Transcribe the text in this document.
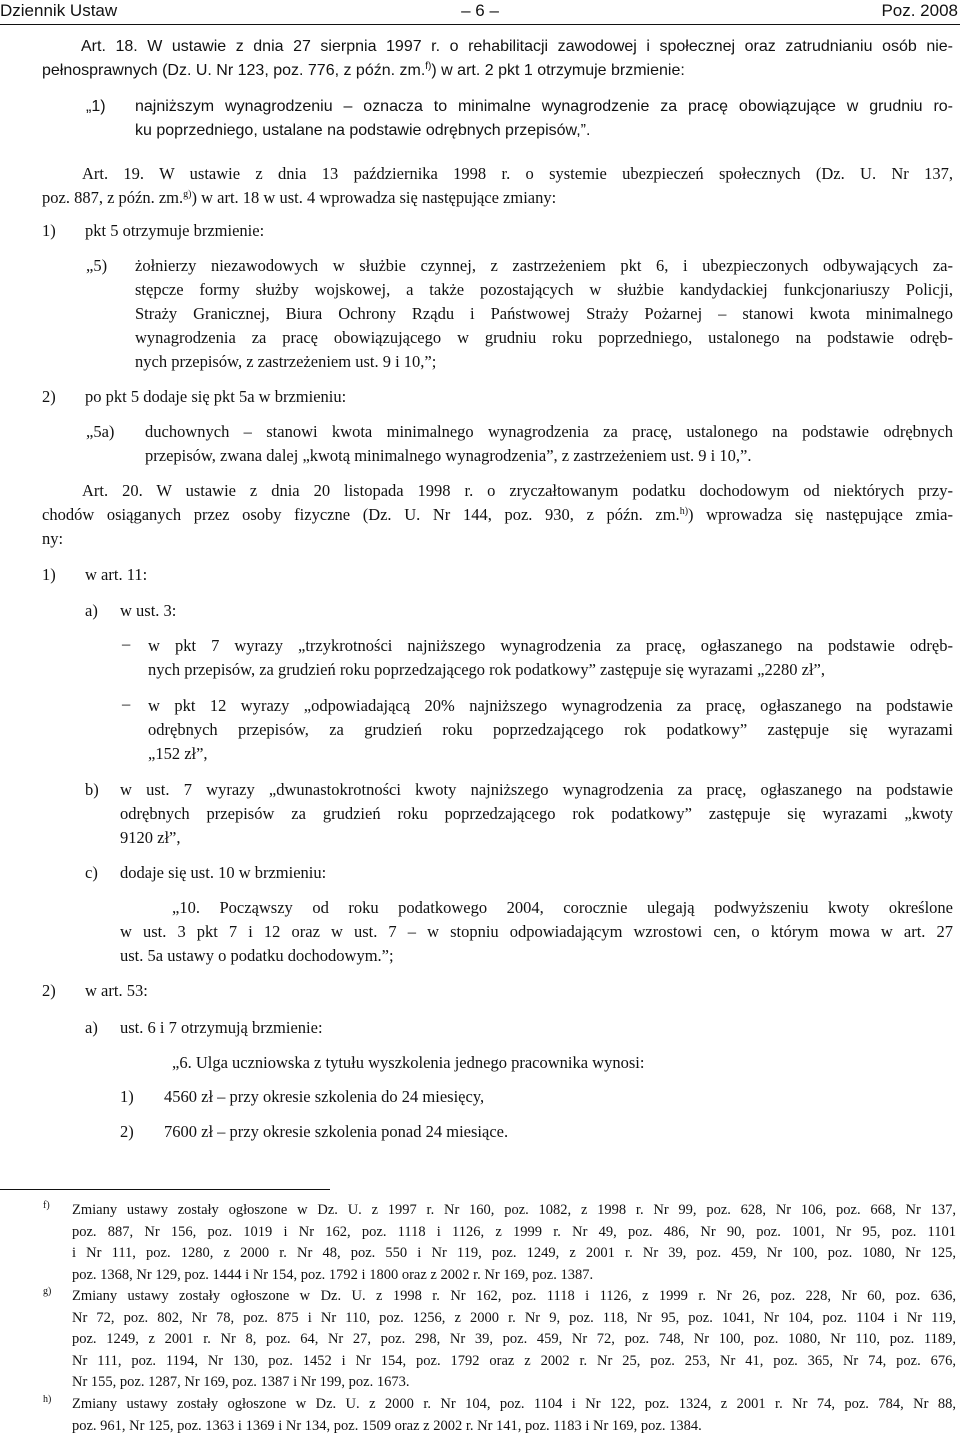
Dziennik Ustaw	– 6 –	Poz. 2008
Art. 18. W ustawie z dnia 27 sierpnia 1997 r. o rehabilitacji zawodowej i społecznej oraz zatrudnianiu osób nie-
pełnosprawnych (Dz. U. Nr 123, poz. 776, z późn. zm.$^{f)}$) w art. 2 pkt 1 otrzymuje brzmienie:
„1)	najniższym wynagrodzeniu – oznacza to minimalne wynagrodzenie za pracę obowiązujące w grudniu ro-
ku poprzedniego, ustalane na podstawie odrębnych przepisów,”.
Art. 19. W ustawie z dnia 13 października 1998 r. o systemie ubezpieczeń społecznych (Dz. U. Nr 137,
poz. 887, z późn. zm.$^{g)}$) w art. 18 w ust. 4 wprowadza się następujące zmiany:
1)	pkt 5 otrzymuje brzmienie:
„5)	żołnierzy niezawodowych w służbie czynnej, z zastrzeżeniem pkt 6, i ubezpieczonych odbywających za-
stępcze formy służby wojskowej, a także pozostających w służbie kandydackiej funkcjonariuszy Policji,
Straży Granicznej, Biura Ochrony Rządu i Państwowej Straży Pożarnej – stanowi kwota minimalnego
wynagrodzenia za pracę obowiązującego w grudniu roku poprzedniego, ustalonego na podstawie odręb-
nych przepisów, z zastrzeżeniem ust. 9 i 10,”;
2)	po pkt 5 dodaje się pkt 5a w brzmieniu:
„5a)	duchownych – stanowi kwota minimalnego wynagrodzenia za pracę, ustalonego na podstawie odrębnych
przepisów, zwana dalej „kwotą minimalnego wynagrodzenia”, z zastrzeżeniem ust. 9 i 10,”.
Art. 20. W ustawie z dnia 20 listopada 1998 r. o zryczałtowanym podatku dochodowym od niektórych przy-
chodów osiąganych przez osoby fizyczne (Dz. U. Nr 144, poz. 930, z późn. zm.$^{h)}$) wprowadza się następujące zmia-
ny:
1)	w art. 11:
a)	w ust. 3:
– w pkt 7 wyrazy „trzykrotności najniższego wynagrodzenia za pracę, ogłaszanego na podstawie odręb-
nych przepisów, za grudzień roku poprzedzającego rok podatkowy” zastępuje się wyrazami „2280 zł”,
– w pkt 12 wyrazy „odpowiadającą 20% najniższego wynagrodzenia za pracę, ogłaszanego na podstawie
odrębnych przepisów, za grudzień roku poprzedzającego rok podatkowy” zastępuje się wyrazami
„152 zł”,
b)	w ust. 7 wyrazy „dwunastokrotności kwoty najniższego wynagrodzenia za pracę, ogłaszanego na podstawie
odrębnych przepisów za grudzień roku poprzedzającego rok podatkowy” zastępuje się wyrazami „kwoty
9120 zł”,
c)	dodaje się ust. 10 w brzmieniu:
„10. Począwszy od roku podatkowego 2004, corocznie ulegają podwyższeniu kwoty określone
w ust. 3 pkt 7 i 12 oraz w ust. 7 – w stopniu odpowiadającym wzrostowi cen, o którym mowa w art. 27
ust. 5a ustawy o podatku dochodowym.”;
2)	w art. 53:
a)	ust. 6 i 7 otrzymują brzmienie:
„6. Ulga uczniowska z tytułu wyszkolenia jednego pracownika wynosi:
1)	4560 zł – przy okresie szkolenia do 24 miesięcy,
2)	7600 zł – przy okresie szkolenia ponad 24 miesiące.
f) Zmiany ustawy zostały ogłoszone w Dz. U. z 1997 r. Nr 160, poz. 1082, z 1998 r. Nr 99, poz. 628, Nr 106, poz. 668, Nr 137,
poz. 887, Nr 156, poz. 1019 i Nr 162, poz. 1118 i 1126, z 1999 r. Nr 49, poz. 486, Nr 90, poz. 1001, Nr 95, poz. 1101
i Nr 111, poz. 1280, z 2000 r. Nr 48, poz. 550 i Nr 119, poz. 1249, z 2001 r. Nr 39, poz. 459, Nr 100, poz. 1080, Nr 125,
poz. 1368, Nr 129, poz. 1444 i Nr 154, poz. 1792 i 1800 oraz z 2002 r. Nr 169, poz. 1387.
g) Zmiany ustawy zostały ogłoszone w Dz. U. z 1998 r. Nr 162, poz. 1118 i 1126, z 1999 r. Nr 26, poz. 228, Nr 60, poz. 636,
Nr 72, poz. 802, Nr 78, poz. 875 i Nr 110, poz. 1256, z 2000 r. Nr 9, poz. 118, Nr 95, poz. 1041, Nr 104, poz. 1104 i Nr 119,
poz. 1249, z 2001 r. Nr 8, poz. 64, Nr 27, poz. 298, Nr 39, poz. 459, Nr 72, poz. 748, Nr 100, poz. 1080, Nr 110, poz. 1189,
Nr 111, poz. 1194, Nr 130, poz. 1452 i Nr 154, poz. 1792 oraz z 2002 r. Nr 25, poz. 253, Nr 41, poz. 365, Nr 74, poz. 676,
Nr 155, poz. 1287, Nr 169, poz. 1387 i Nr 199, poz. 1673.
h) Zmiany ustawy zostały ogłoszone w Dz. U. z 2000 r. Nr 104, poz. 1104 i Nr 122, poz. 1324, z 2001 r. Nr 74, poz. 784, Nr 88,
poz. 961, Nr 125, poz. 1363 i 1369 i Nr 134, poz. 1509 oraz z 2002 r. Nr 141, poz. 1183 i Nr 169, poz. 1384.
